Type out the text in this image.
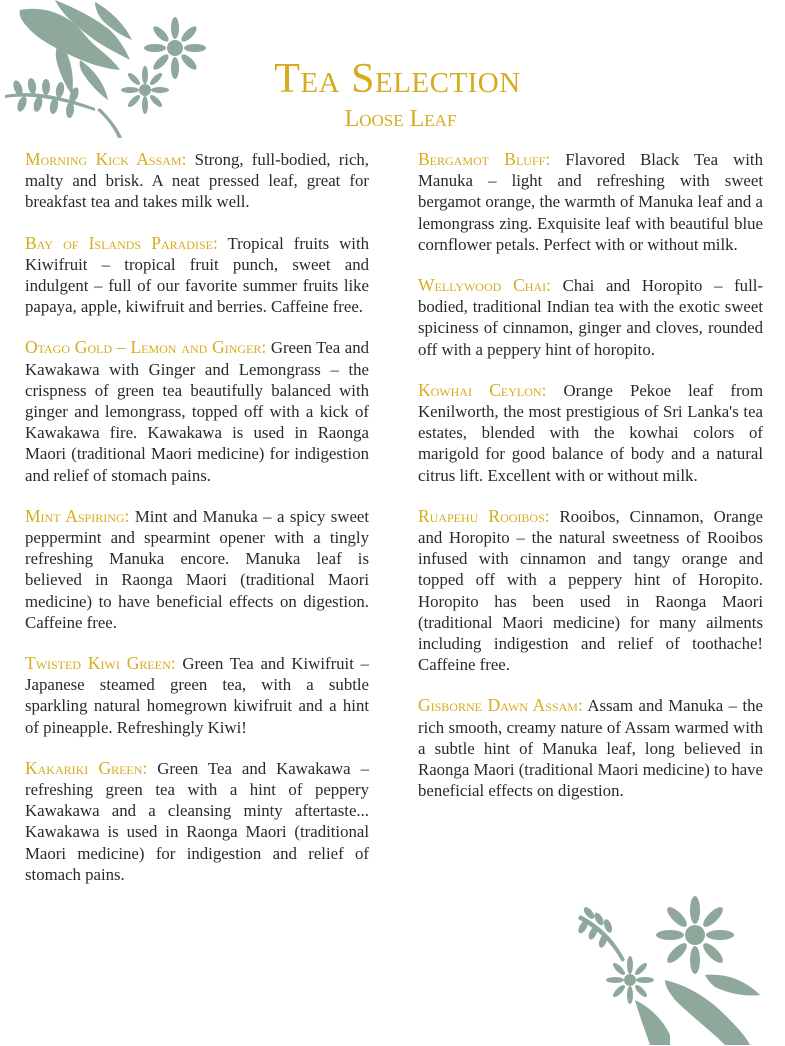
Tea Selection
Loose Leaf

Morning Kick Assam: Strong, full-bodied, rich, malty and brisk. A neat pressed leaf, great for breakfast tea and takes milk well.

Bay of Islands Paradise: Tropical fruits with Kiwifruit – tropical fruit punch, sweet and indulgent – full of our favorite summer fruits like papaya, apple, kiwifruit and berries. Caffeine free.

Otago Gold – Lemon and Ginger: Green Tea and Kawakawa with Ginger and Lemongrass – the crispness of green tea beautifully balanced with ginger and lemongrass, topped off with a kick of Kawakawa fire. Kawakawa is used in Raonga Maori (traditional Maori medicine) for indigestion and relief of stomach pains.

Mint Aspiring: Mint and Manuka – a spicy sweet peppermint and spearmint opener with a tingly refreshing Manuka encore. Manuka leaf is believed in Raonga Maori (traditional Maori medicine) to have beneficial effects on digestion. Caffeine free.

Twisted Kiwi Green: Green Tea and Kiwifruit – Japanese steamed green tea, with a subtle sparkling natural homegrown kiwifruit and a hint of pineapple. Refreshingly Kiwi!

Kakariki Green: Green Tea and Kawakawa – refreshing green tea with a hint of peppery Kawakawa and a cleansing minty aftertaste... Kawakawa is used in Raonga Maori (traditional Maori medicine) for indigestion and relief of stomach pains.

Bergamot Bluff: Flavored Black Tea with Manuka – light and refreshing with sweet bergamot orange, the warmth of Manuka leaf and a lemongrass zing. Exquisite leaf with beautiful blue cornflower petals. Perfect with or without milk.

Wellywood Chai: Chai and Horopito – full-bodied, traditional Indian tea with the exotic sweet spiciness of cinnamon, ginger and cloves, rounded off with a peppery hint of horopito.

Kowhai Ceylon: Orange Pekoe leaf from Kenilworth, the most prestigious of Sri Lanka's tea estates, blended with the kowhai colors of marigold for good balance of body and a natural citrus lift. Excellent with or without milk.

Ruapehu Rooibos: Rooibos, Cinnamon, Orange and Horopito – the natural sweetness of Rooibos infused with cinnamon and tangy orange and topped off with a peppery hint of Horopito. Horopito has been used in Raonga Maori (traditional Maori medicine) for many ailments including indigestion and relief of toothache! Caffeine free.

Gisborne Dawn Assam: Assam and Manuka – the rich smooth, creamy nature of Assam warmed with a subtle hint of Manuka leaf, long believed in Raonga Maori (traditional Maori medicine) to have beneficial effects on digestion.
